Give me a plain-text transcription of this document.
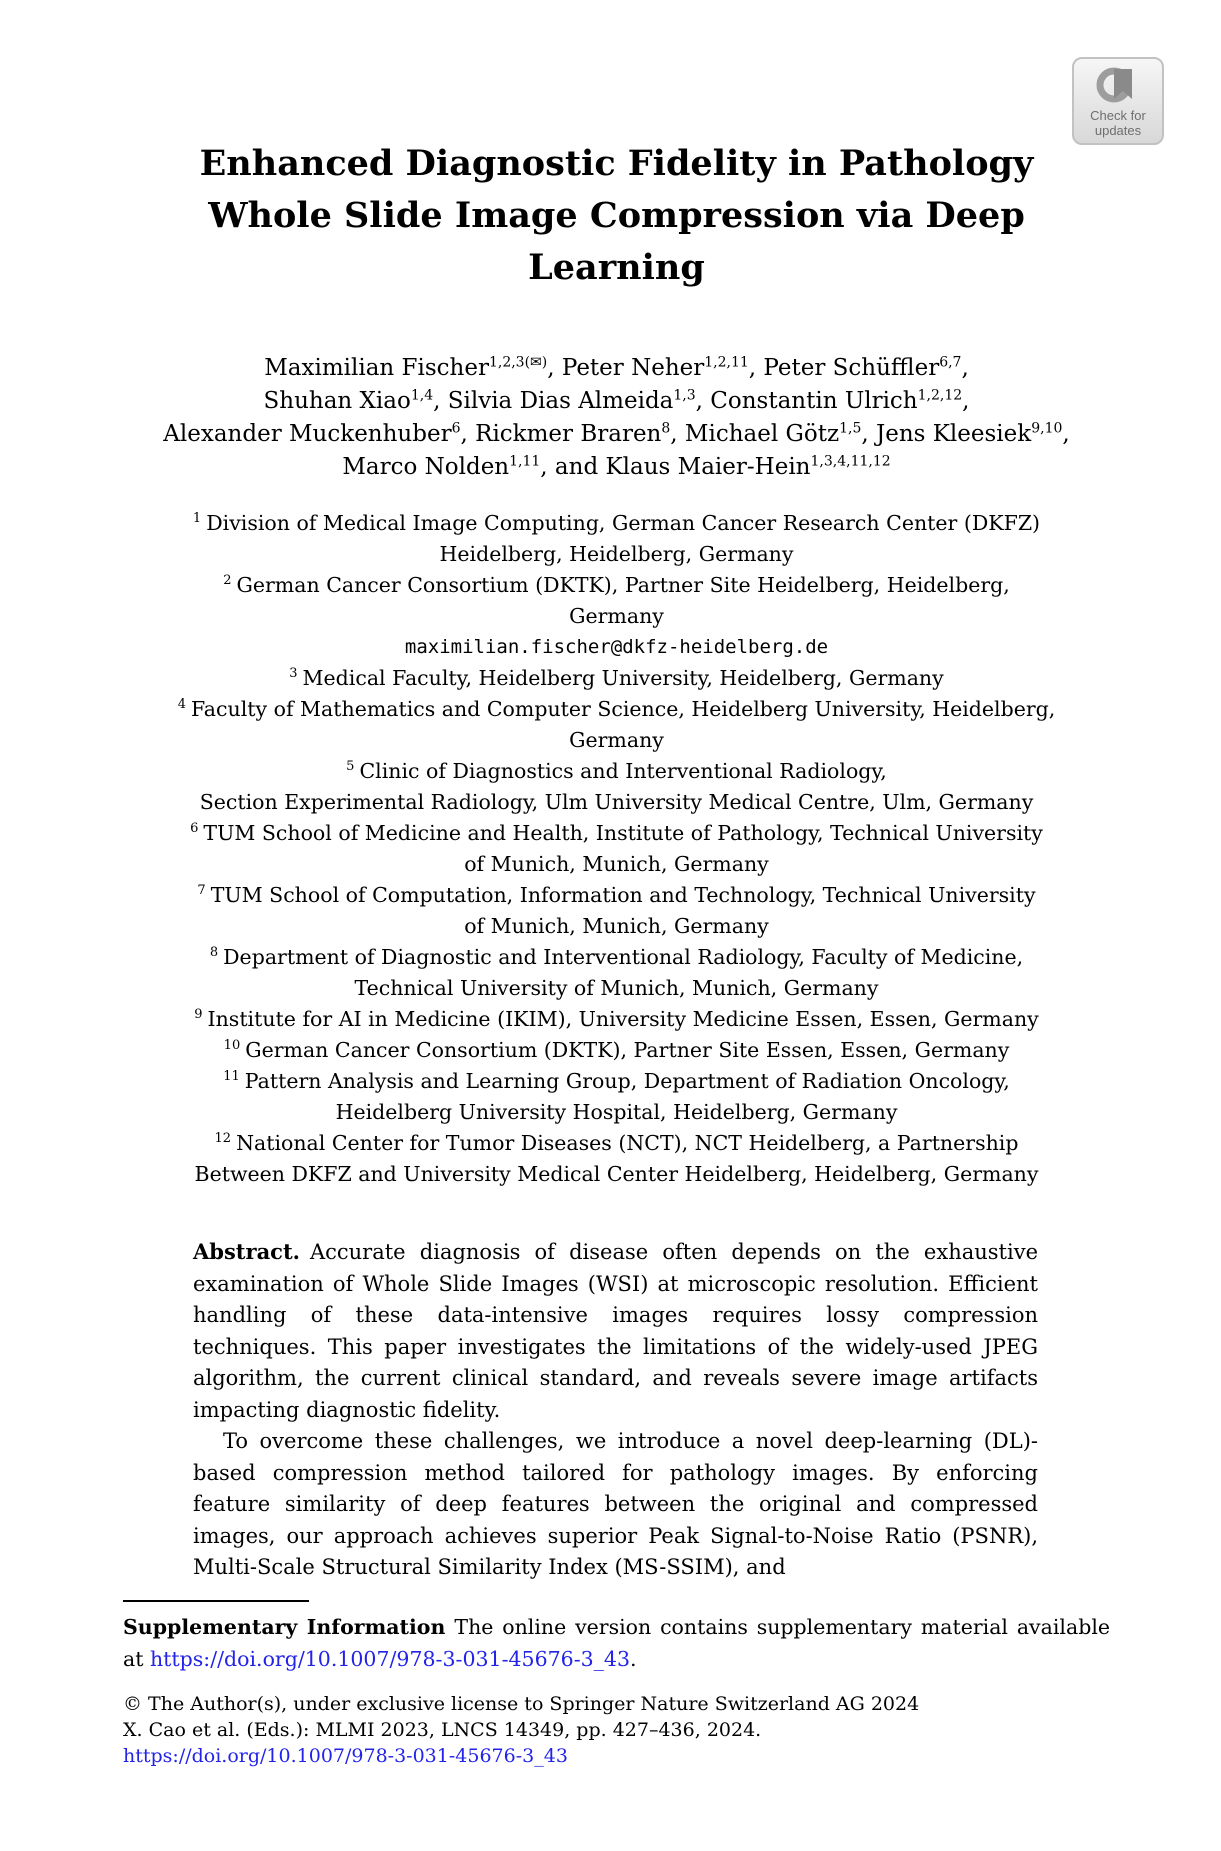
Check for
updates
Enhanced Diagnostic Fidelity in Pathology
Whole Slide Image Compression via Deep
Learning
Maximilian Fischer$^{1,2,3(✉)}$, Peter Neher$^{1,2,11}$, Peter Schüffler$^{6,7}$,
Shuhan Xiao$^{1,4}$, Silvia Dias Almeida$^{1,3}$, Constantin Ulrich$^{1,2,12}$,
Alexander Muckenhuber$^6$, Rickmer Braren$^8$, Michael Götz$^{1,5}$, Jens Kleesiek$^{9,10}$,
Marco Nolden$^{1,11}$, and Klaus Maier-Hein$^{1,3,4,11,12}$
$^1$ Division of Medical Image Computing, German Cancer Research Center (DKFZ)
Heidelberg, Heidelberg, Germany
$^2$ German Cancer Consortium (DKTK), Partner Site Heidelberg, Heidelberg,
Germany
maximilian.fischer@dkfz-heidelberg.de
$^3$ Medical Faculty, Heidelberg University, Heidelberg, Germany
$^4$ Faculty of Mathematics and Computer Science, Heidelberg University, Heidelberg,
Germany
$^5$ Clinic of Diagnostics and Interventional Radiology,
Section Experimental Radiology, Ulm University Medical Centre, Ulm, Germany
$^6$ TUM School of Medicine and Health, Institute of Pathology, Technical University
of Munich, Munich, Germany
$^7$ TUM School of Computation, Information and Technology, Technical University
of Munich, Munich, Germany
$^8$ Department of Diagnostic and Interventional Radiology, Faculty of Medicine,
Technical University of Munich, Munich, Germany
$^9$ Institute for AI in Medicine (IKIM), University Medicine Essen, Essen, Germany
$^{10}$ German Cancer Consortium (DKTK), Partner Site Essen, Essen, Germany
$^{11}$ Pattern Analysis and Learning Group, Department of Radiation Oncology,
Heidelberg University Hospital, Heidelberg, Germany
$^{12}$ National Center for Tumor Diseases (NCT), NCT Heidelberg, a Partnership
Between DKFZ and University Medical Center Heidelberg, Heidelberg, Germany

Abstract. Accurate diagnosis of disease often depends on the exhaustive examination of Whole Slide Images (WSI) at microscopic resolution. Efficient handling of these data-intensive images requires lossy compression techniques. This paper investigates the limitations of the widely-used JPEG algorithm, the current clinical standard, and reveals severe image artifacts impacting diagnostic fidelity.

To overcome these challenges, we introduce a novel deep-learning (DL)-based compression method tailored for pathology images. By enforcing feature similarity of deep features between the original and compressed images, our approach achieves superior Peak Signal-to-Noise Ratio (PSNR), Multi-Scale Structural Similarity Index (MS-SSIM), and

Supplementary Information The online version contains supplementary material available at https://doi.org/10.1007/978-3-031-45676-3_43.
© The Author(s), under exclusive license to Springer Nature Switzerland AG 2024
X. Cao et al. (Eds.): MLMI 2023, LNCS 14349, pp. 427–436, 2024.
https://doi.org/10.1007/978-3-031-45676-3_43
